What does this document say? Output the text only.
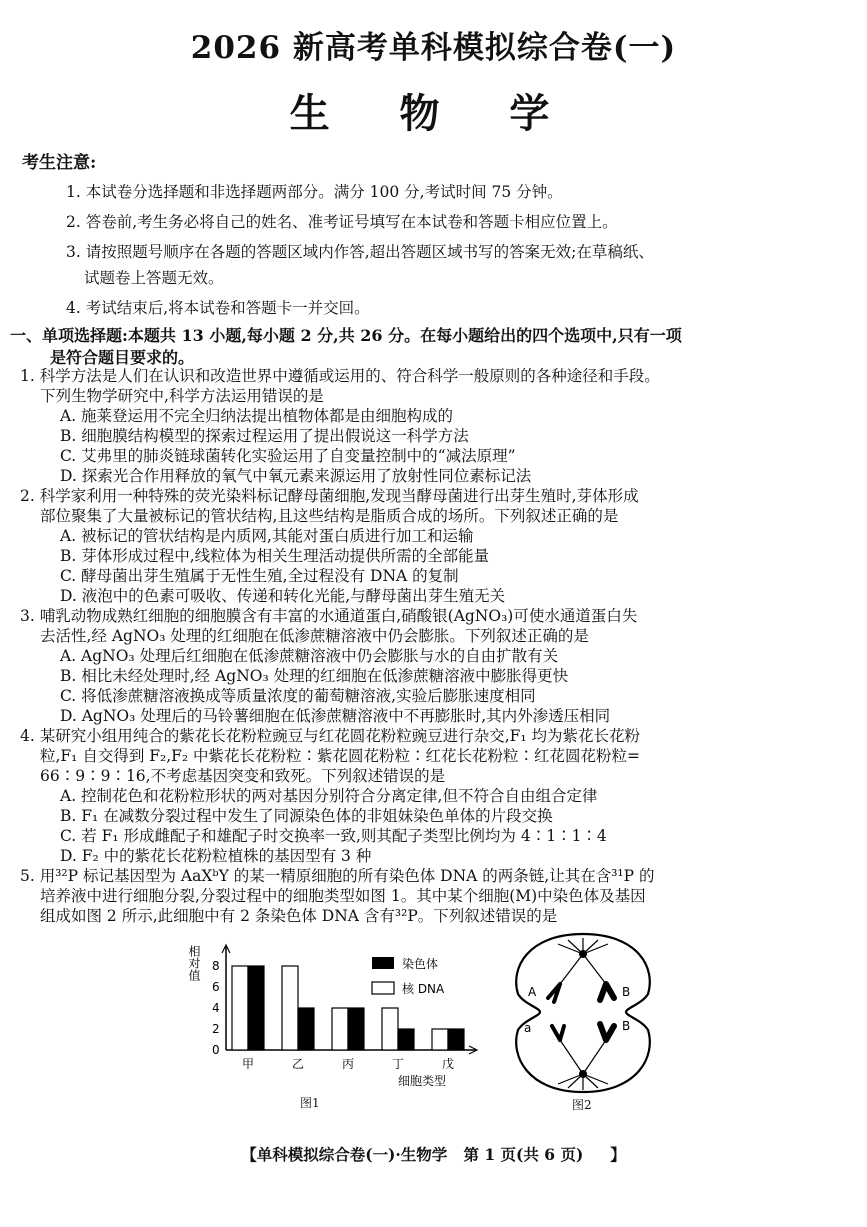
2026 新高考单科模拟综合卷(一)
生 物 学
考生注意:
1. 本试卷分选择题和非选择题两部分。满分 100 分,考试时间 75 分钟。
2. 答卷前,考生务必将自己的姓名、准考证号填写在本试卷和答题卡相应位置上。
3. 请按照题号顺序在各题的答题区域内作答,超出答题区域书写的答案无效;在草稿纸、
试题卷上答题无效。
4. 考试结束后,将本试卷和答题卡一并交回。
一、单项选择题:本题共 13 小题,每小题 2 分,共 26 分。在每小题给出的四个选项中,只有一项
是符合题目要求的。
1. 科学方法是人们在认识和改造世界中遵循或运用的、符合科学一般原则的各种途径和手段。
下列生物学研究中,科学方法运用错误的是
A. 施莱登运用不完全归纳法提出植物体都是由细胞构成的
B. 细胞膜结构模型的探索过程运用了提出假说这一科学方法
C. 艾弗里的肺炎链球菌转化实验运用了自变量控制中的“减法原理”
D. 探索光合作用释放的氧气中氧元素来源运用了放射性同位素标记法
2. 科学家利用一种特殊的荧光染料标记酵母菌细胞,发现当酵母菌进行出芽生殖时,芽体形成
部位聚集了大量被标记的管状结构,且这些结构是脂质合成的场所。下列叙述正确的是
A. 被标记的管状结构是内质网,其能对蛋白质进行加工和运输
B. 芽体形成过程中,线粒体为相关生理活动提供所需的全部能量
C. 酵母菌出芽生殖属于无性生殖,全过程没有 DNA 的复制
D. 液泡中的色素可吸收、传递和转化光能,与酵母菌出芽生殖无关
3. 哺乳动物成熟红细胞的细胞膜含有丰富的水通道蛋白,硝酸银(AgNO₃)可使水通道蛋白失
去活性,经 AgNO₃ 处理的红细胞在低渗蔗糖溶液中仍会膨胀。下列叙述正确的是
A. AgNO₃ 处理后红细胞在低渗蔗糖溶液中仍会膨胀与水的自由扩散有关
B. 相比未经处理时,经 AgNO₃ 处理的红细胞在低渗蔗糖溶液中膨胀得更快
C. 将低渗蔗糖溶液换成等质量浓度的葡萄糖溶液,实验后膨胀速度相同
D. AgNO₃ 处理后的马铃薯细胞在低渗蔗糖溶液中不再膨胀时,其内外渗透压相同
4. 某研究小组用纯合的紫花长花粉粒豌豆与红花圆花粉粒豌豆进行杂交,F₁ 均为紫花长花粉
粒,F₁ 自交得到 F₂,F₂ 中紫花长花粉粒∶紫花圆花粉粒∶红花长花粉粒∶红花圆花粉粒=
66∶9∶9∶16,不考虑基因突变和致死。下列叙述错误的是
A. 控制花色和花粉粒形状的两对基因分别符合分离定律,但不符合自由组合定律
B. F₁ 在减数分裂过程中发生了同源染色体的非姐妹染色单体的片段交换
C. 若 F₁ 形成雌配子和雄配子时交换率一致,则其配子类型比例均为 4∶1∶1∶4
D. F₂ 中的紫花长花粉粒植株的基因型有 3 种
5. 用³²P 标记基因型为 AaXᵇY 的某一精原细胞的所有染色体 DNA 的两条链,让其在含³¹P 的
培养液中进行细胞分裂,分裂过程中的细胞类型如图 1。其中某个细胞(M)中染色体及基因
组成如图 2 所示,此细胞中有 2 条染色体 DNA 含有³²P。下列叙述错误的是
相对值
细胞类型
0
2
4
6
8
甲	乙	丙	丁	戊
染色体
核 DNA
图1
A	B
a	B
图2
【单科模拟综合卷(一)·生物学   第 1 页(共 6 页)     】
